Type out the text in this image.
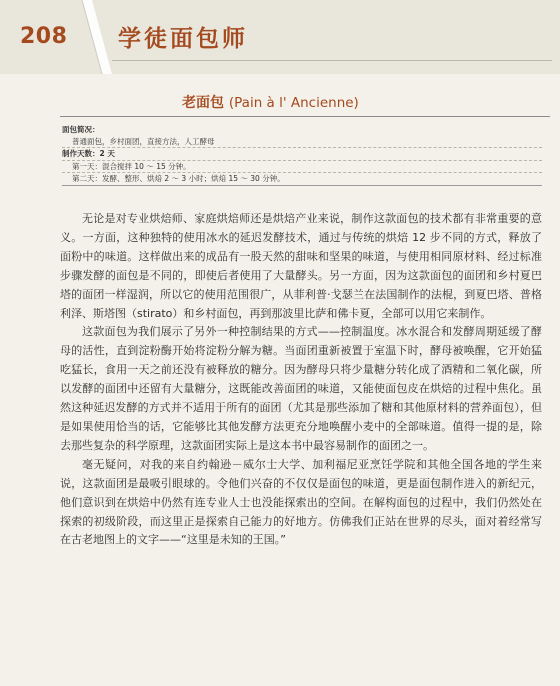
208 学徒面包师
老面包 (Pain à l' Ancienne)
面包简况：
普通面包，乡村面团，直接方法，人工酵母
制作天数：2 天
第一天：混合搅拌 10 ～ 15 分钟。
第二天：发酵、整形、烘焙 2 ～ 3 小时；烘焙 15 ～ 30 分钟。

无论是对专业烘焙师、家庭烘焙师还是烘焙产业来说，制作这款面包的技术都有非常重要的意义。一方面，这种独特的使用冰水的延迟发酵技术，通过与传统的烘焙 12 步不同的方式，释放了面粉中的味道。这样做出来的成品有一股天然的甜味和坚果的味道，与使用相同原材料、经过标准步骤发酵的面包是不同的，即使后者使用了大量酵头。另一方面，因为这款面包的面团和乡村夏巴塔的面团一样湿润，所以它的使用范围很广，从菲利普·戈瑟兰在法国制作的法棍，到夏巴塔、普格利泽、斯塔图（stirato）和乡村面包，再到那波里比萨和佛卡夏，全部可以用它来制作。

这款面包为我们展示了另外一种控制结果的方式——控制温度。冰水混合和发酵周期延缓了酵母的活性，直到淀粉酶开始将淀粉分解为糖。当面团重新被置于室温下时，酵母被唤醒，它开始猛吃猛长，食用一天之前还没有被释放的糖分。因为酵母只将少量糖分转化成了酒精和二氧化碳，所以发酵的面团中还留有大量糖分，这既能改善面团的味道，又能使面包皮在烘焙的过程中焦化。虽然这种延迟发酵的方式并不适用于所有的面团（尤其是那些添加了糖和其他原材料的营养面包），但是如果使用恰当的话，它能够比其他发酵方法更充分地唤醒小麦中的全部味道。值得一提的是，除去那些复杂的科学原理，这款面团实际上是这本书中最容易制作的面团之一。

毫无疑问，对我的来自约翰逊－威尔士大学、加利福尼亚烹饪学院和其他全国各地的学生来说，这款面团是最吸引眼球的。令他们兴奋的不仅仅是面包的味道，更是面包制作进入的新纪元，他们意识到在烘焙中仍然有连专业人士也没能探索出的空间。在解构面包的过程中，我们仍然处在探索的初级阶段，而这里正是探索自己能力的好地方。仿佛我们正站在世界的尽头，面对着经常写在古老地图上的文字——“这里是未知的王国。”
